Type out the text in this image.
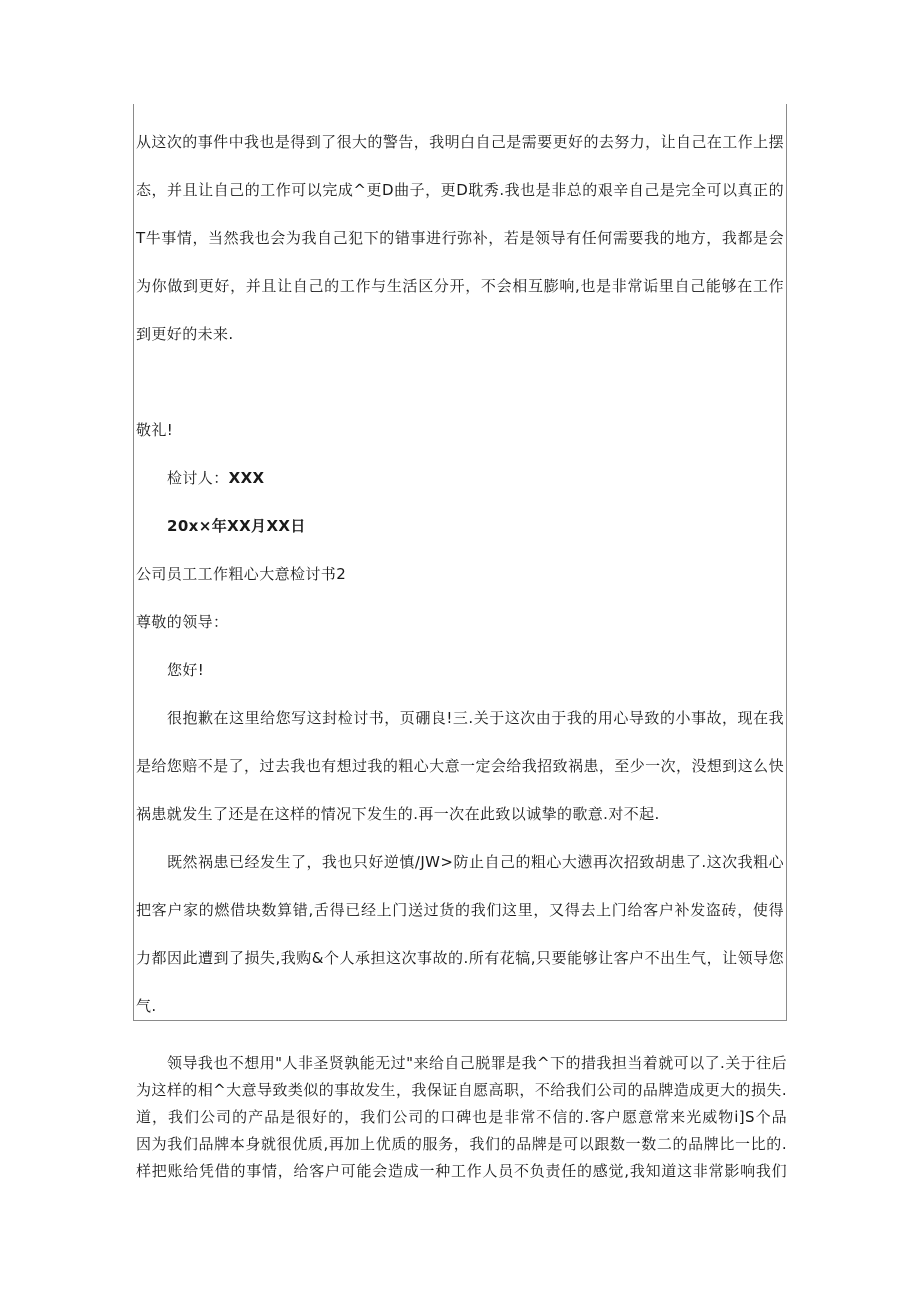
从这次的事件中我也是得到了很大的警告，我明白自己是需要更好的去努力，让自己在工作上摆
态，并且让自己的工作可以完成^更D曲子，更D耽秀.我也是非总的艰辛自己是完全可以真正的
T牛事情，当然我也会为我自己犯下的错事进行弥补，若是领导有任何需要我的地方，我都是会
为你做到更好，并且让自己的工作与生活区分开，不会相互膨响,也是非常诟里自己能够在工作
到更好的未来.
敬礼!
检讨人：XXX
20x×年XX月XX日
公司员工工作粗心大意检讨书2
尊敬的领导：
您好!
很抱歉在这里给您写这封检讨书，页硼良!三.关于这次由于我的用心导致的小事故，现在我
是给您赔不是了，过去我也有想过我的粗心大意一定会给我招致祸患，至少一次，没想到这么快
祸患就发生了还是在这样的情况下发生的.再一次在此致以诚挚的歌意.对不起.
既然祸患已经发生了，我也只好逆慎/JW>防止自己的粗心大懑再次招致胡患了.这次我粗心
把客户家的燃借块数算错,舌得已经上门送过货的我们这里，又得去上门给客户补发盗砖，使得
力都因此遭到了损失,我购&个人承担这次事故的.所有花犒,只要能够让客户不出生气，让领导您
气.
领导我也不想用"人非圣贤孰能无过"来给自己脱罪是我^下的措我担当着就可以了.关于往后
为这样的相^大意导致类似的事故发生，我保证自愿高职，不给我们公司的品牌造成更大的损失.
道，我们公司的产品是很好的，我们公司的口碑也是非常不信的.客户愿意常来光威物i]S个品
因为我们品牌本身就很优质,再加上优质的服务，我们的品牌是可以跟数一数二的品牌比一比的.
样把账给凭借的事情，给客户可能会造成一种工作人员不负责任的感觉,我知道这非常影响我们
